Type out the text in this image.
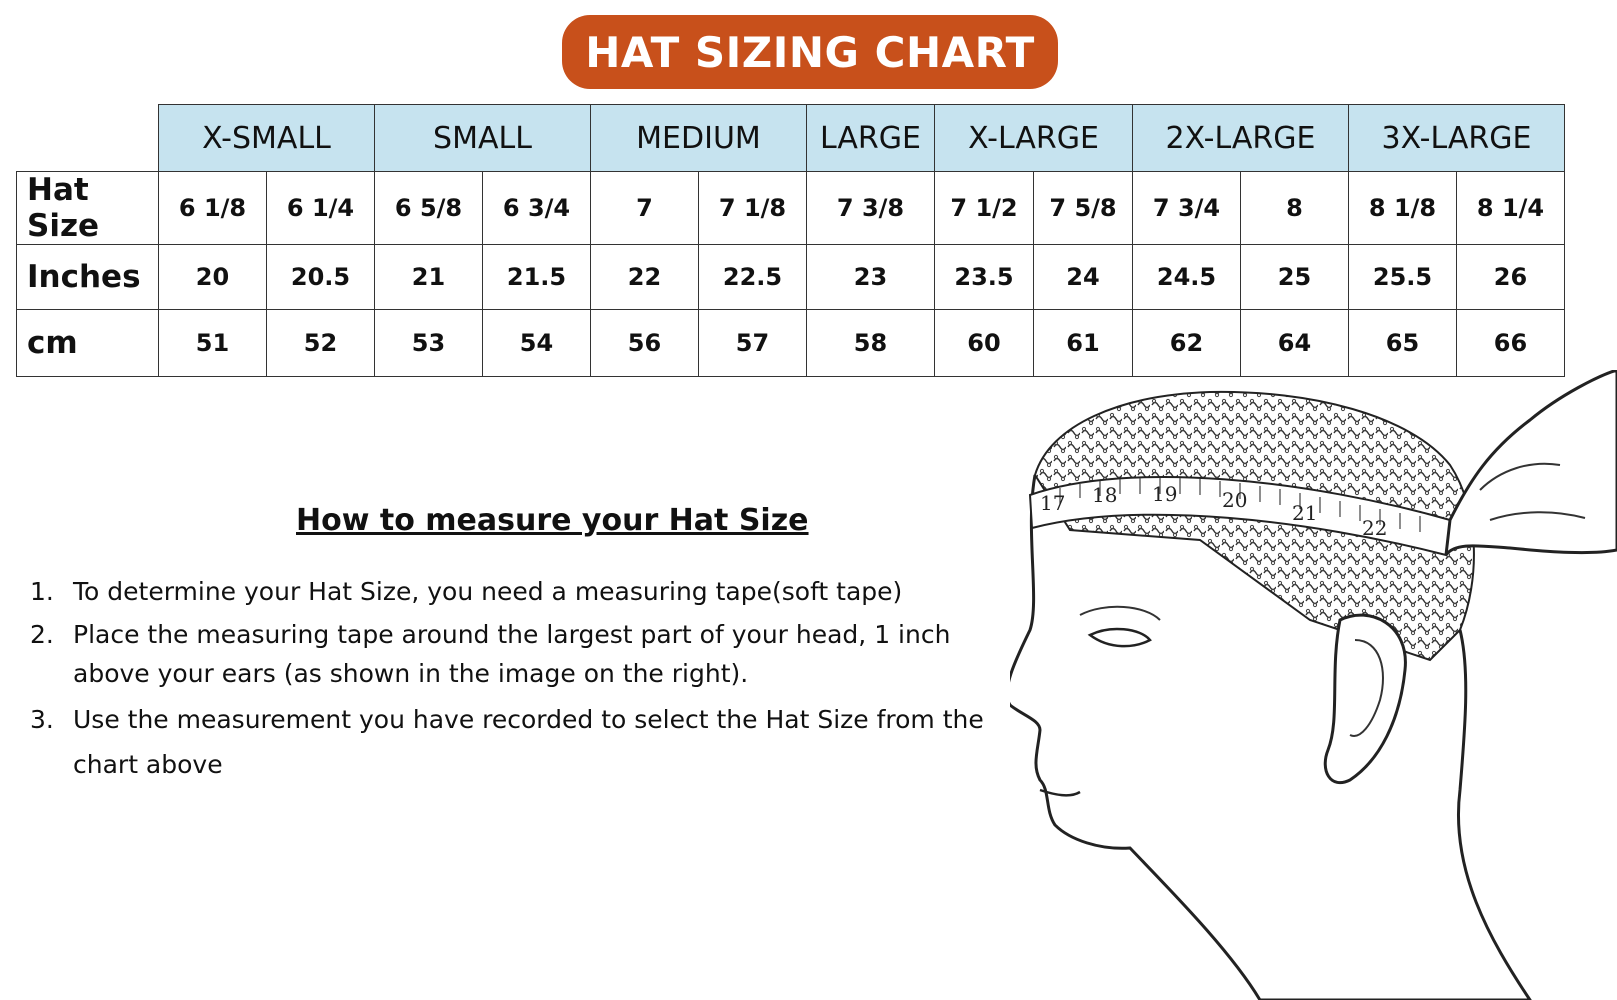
HAT SIZING CHART
	X-SMALL		SMALL		MEDIUM		LARGE	X-LARGE		2X-LARGE		3X-LARGE	
Hat Size	6 1/8	6 1/4	6 5/8	6 3/4	7	7 1/8	7 3/8	7 1/2	7 5/8	7 3/4	8	8 1/8	8 1/4
Inches	20	20.5	21	21.5	22	22.5	23	23.5	24	24.5	25	25.5	26
cm	51	52	53	54	56	57	58	60	61	62	64	65	66
How to measure your Hat Size
1. To determine your Hat Size, you need a measuring tape(soft tape)
2. Place the measuring tape around the largest part of your head, 1 inch above your ears (as shown in the image on the right).
3. Use the measurement you have recorded to select the Hat Size from the chart above
17 18 19 20
21
22
